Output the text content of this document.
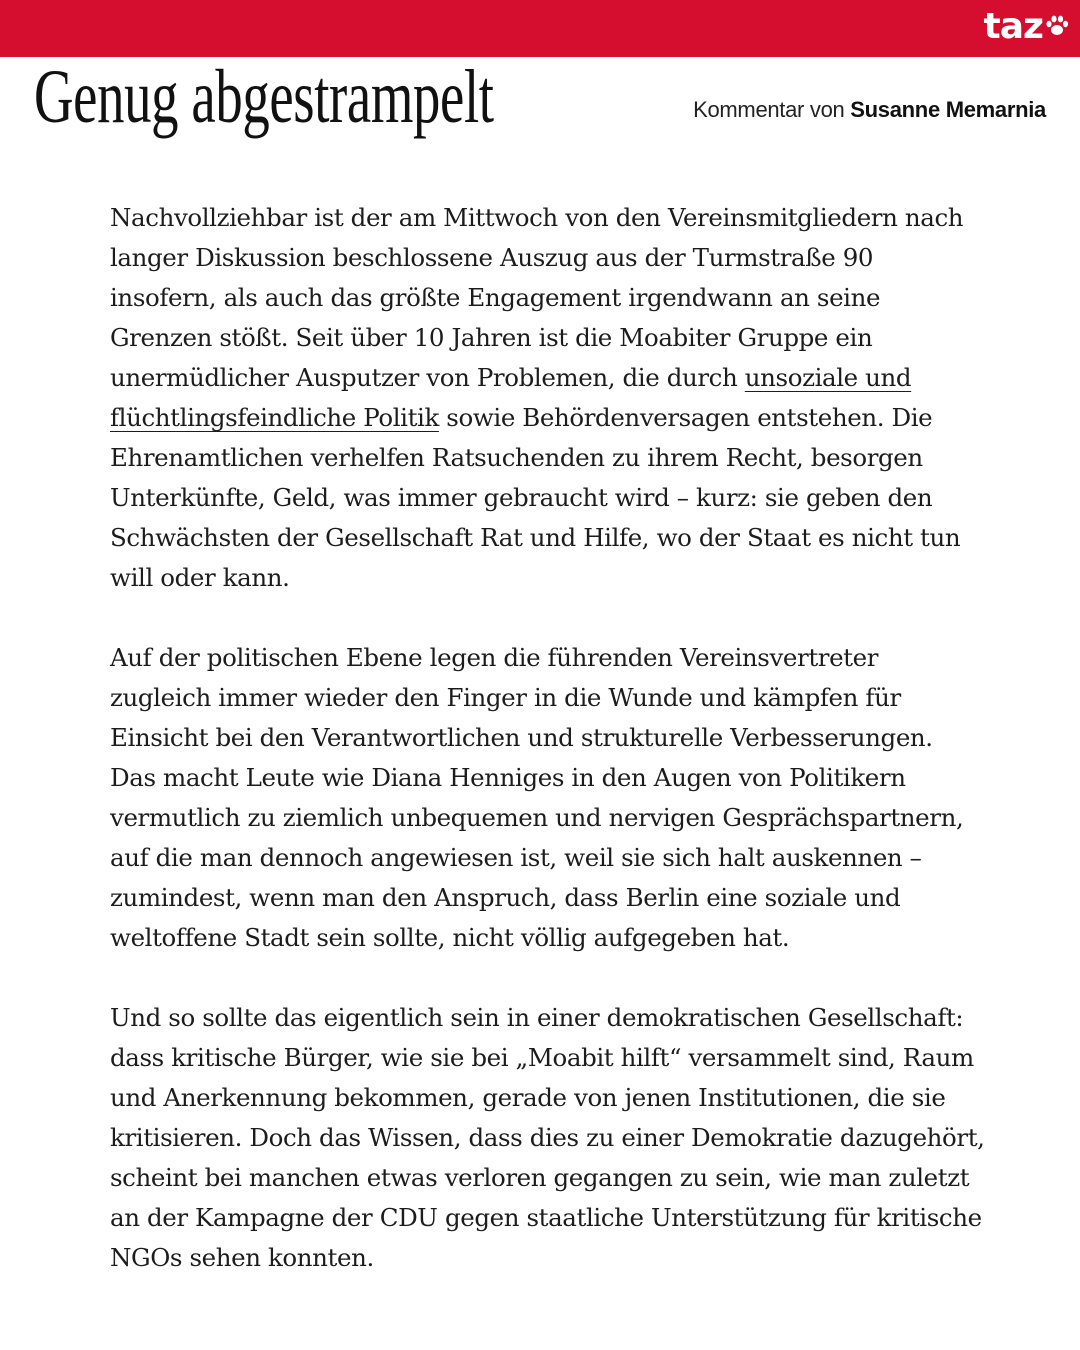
taz
Genug abgestrampelt	Kommentar von Susanne Memarnia

Nachvollziehbar ist der am Mittwoch von den Vereinsmitgliedern nach langer Diskussion beschlossene Auszug aus der Turmstraße 90 insofern, als auch das größte Engagement irgendwann an seine Grenzen stößt. Seit über 10 Jahren ist die Moabiter Gruppe ein unermüdlicher Ausputzer von Problemen, die durch unsoziale und flüchtlingsfeindliche Politik sowie Behördenversagen entstehen. Die Ehrenamtlichen verhelfen Ratsuchenden zu ihrem Recht, besorgen Unterkünfte, Geld, was immer gebraucht wird – kurz: sie geben den Schwächsten der Gesellschaft Rat und Hilfe, wo der Staat es nicht tun will oder kann.

Auf der politischen Ebene legen die führenden Vereinsvertreter zugleich immer wieder den Finger in die Wunde und kämpfen für Einsicht bei den Verantwortlichen und strukturelle Verbesserungen. Das macht Leute wie Diana Henniges in den Augen von Politikern vermutlich zu ziemlich unbequemen und nervigen Gesprächspartnern, auf die man dennoch angewiesen ist, weil sie sich halt auskennen – zumindest, wenn man den Anspruch, dass Berlin eine soziale und weltoffene Stadt sein sollte, nicht völlig aufgegeben hat.

Und so sollte das eigentlich sein in einer demokratischen Gesellschaft: dass kritische Bürger, wie sie bei „Moabit hilft“ versammelt sind, Raum und Anerkennung bekommen, gerade von jenen Institutionen, die sie kritisieren. Doch das Wissen, dass dies zu einer Demokratie dazugehört, scheint bei manchen etwas verloren gegangen zu sein, wie man zuletzt an der Kampagne der CDU gegen staatliche Unterstützung für kritische NGOs sehen konnten.
